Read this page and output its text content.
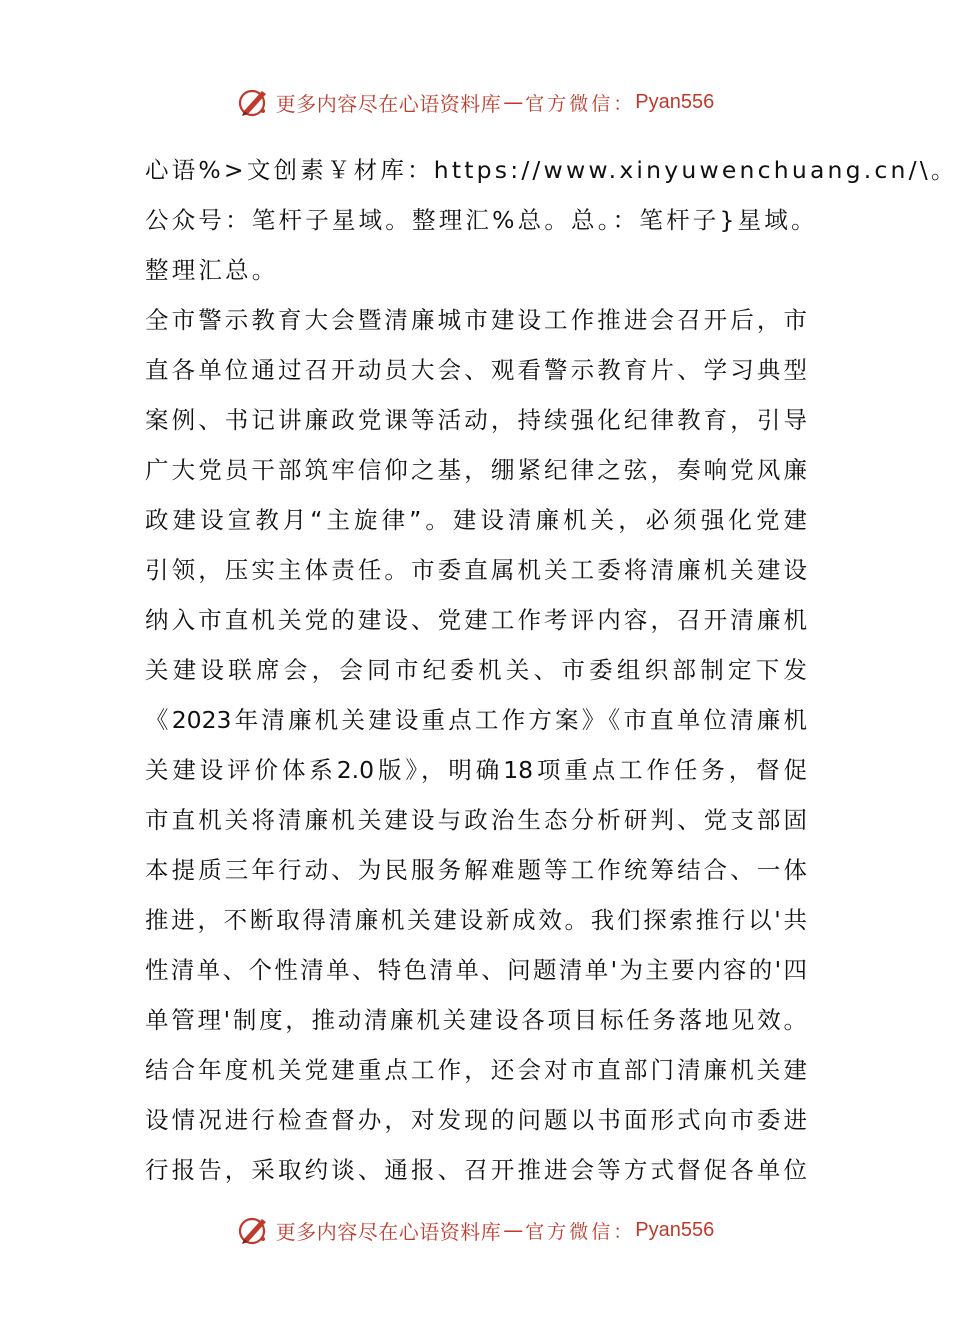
更多内容尽在心语资料库 — 官方微信： Pyan556
心语%>文创素￥材库：https://www.xinyuwenchuang.cn/\。
公众号：笔杆子星域。整理汇%总。总。：笔杆子}星域。
整理汇总。
全市警示教育大会暨清廉城市建设工作推进会召开后，市
直各单位通过召开动员大会、观看警示教育片、学习典型
案例、书记讲廉政党课等活动，持续强化纪律教育，引导
广大党员干部筑牢信仰之基，绷紧纪律之弦，奏响党风廉
政建设宣教月“主旋律”。建设清廉机关，必须强化党建
引领，压实主体责任。市委直属机关工委将清廉机关建设
纳入市直机关党的建设、党建工作考评内容，召开清廉机
关建设联席会，会同市纪委机关、市委组织部制定下发
《2023年清廉机关建设重点工作方案》《市直单位清廉机
关建设评价体系2.0版》，明确18项重点工作任务，督促
市直机关将清廉机关建设与政治生态分析研判、党支部固
本提质三年行动、为民服务解难题等工作统筹结合、一体
推进，不断取得清廉机关建设新成效。我们探索推行以'共
性清单、个性清单、特色清单、问题清单'为主要内容的'四
单管理'制度，推动清廉机关建设各项目标任务落地见效。
结合年度机关党建重点工作，还会对市直部门清廉机关建
设情况进行检查督办，对发现的问题以书面形式向市委进
行报告，采取约谈、通报、召开推进会等方式督促各单位
更多内容尽在心语资料库 — 官方微信： Pyan556
